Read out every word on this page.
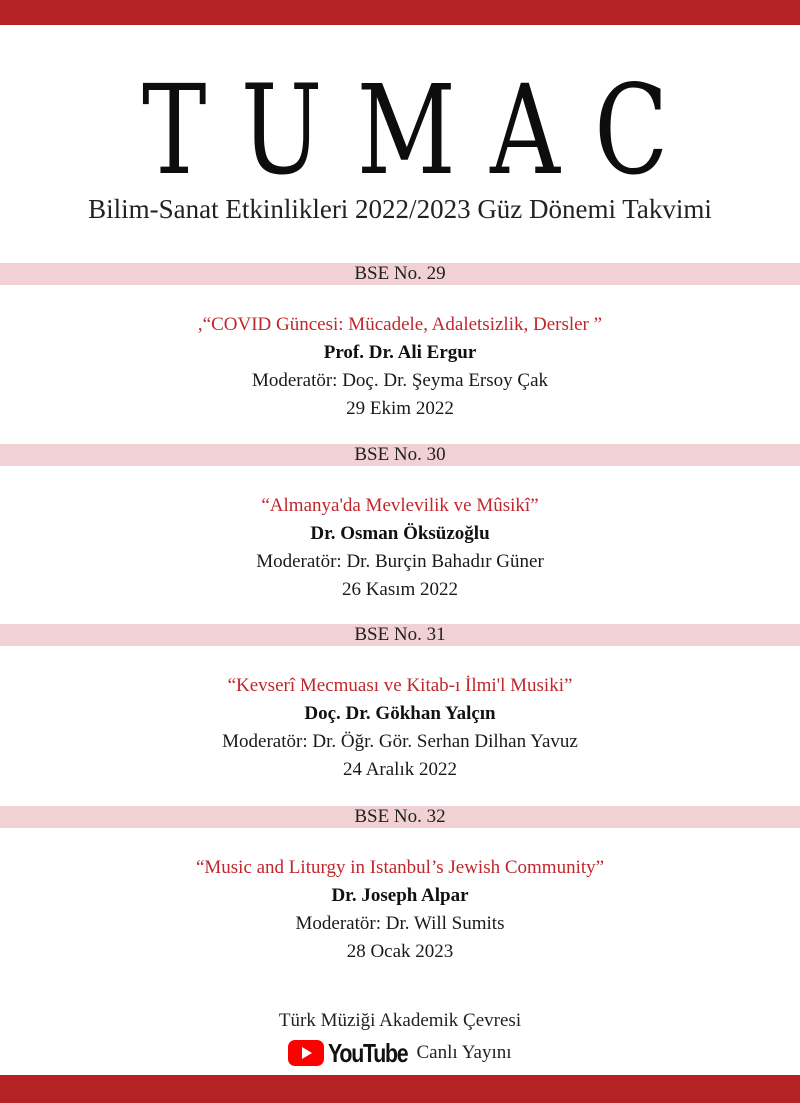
TUMAC
Bilim-Sanat Etkinlikleri 2022/2023 Güz Dönemi Takvimi
BSE No. 29
,“COVID Güncesi: Mücadele, Adaletsizlik, Dersler ”
Prof. Dr. Ali Ergur
Moderatör: Doç. Dr. Şeyma Ersoy Çak
29 Ekim 2022
BSE No. 30
“Almanya'da Mevlevilik ve Mûsikî”
Dr. Osman Öksüzoğlu
Moderatör: Dr. Burçin Bahadır Güner
26 Kasım 2022
BSE No. 31
“Kevserî Mecmuası ve Kitab-ı İlmi'l Musiki”
Doç. Dr. Gökhan Yalçın
Moderatör: Dr. Öğr. Gör. Serhan Dilhan Yavuz
24 Aralık 2022
BSE No. 32
“Music and Liturgy in Istanbul’s Jewish Community”
Dr. Joseph Alpar
Moderatör: Dr. Will Sumits
28 Ocak 2023
Türk Müziği Akademik Çevresi
YouTube Canlı Yayını
